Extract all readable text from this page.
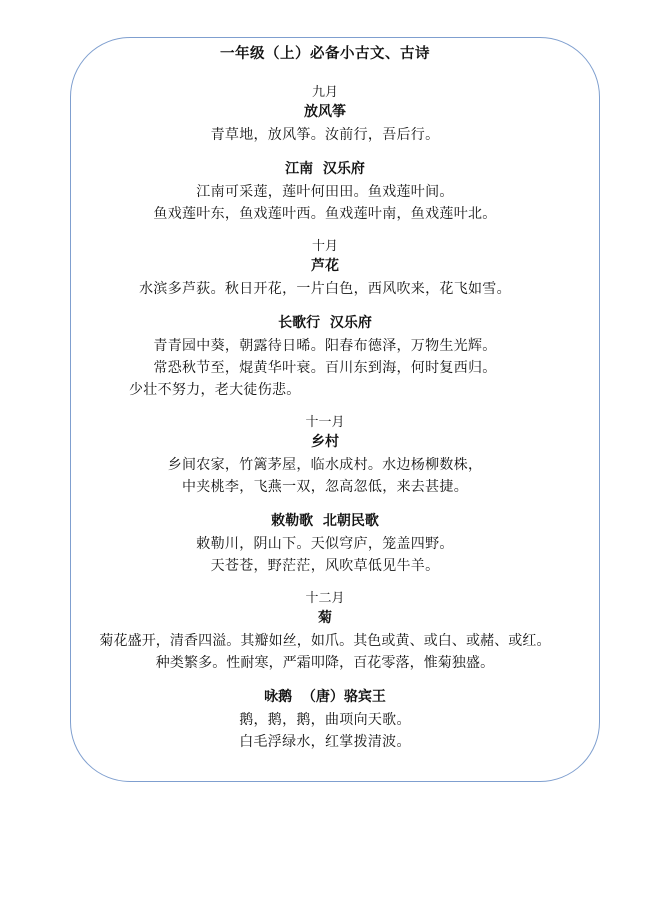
一年级（上）必备小古文、古诗
九月
放风筝
青草地，放风筝。汝前行，吾后行。
江南  汉乐府
江南可采莲，莲叶何田田。鱼戏莲叶间。
鱼戏莲叶东，鱼戏莲叶西。鱼戏莲叶南，鱼戏莲叶北。
十月
芦花
水滨多芦荻。秋日开花，一片白色，西风吹来，花飞如雪。
长歌行  汉乐府
青青园中葵，朝露待日晞。阳春布德泽，万物生光辉。
常恐秋节至，焜黄华叶衰。百川东到海，何时复西归。
少壮不努力，老大徒伤悲。
十一月
乡村
乡间农家，竹篱茅屋，临水成村。水边杨柳数株，
中夹桃李，飞燕一双，忽高忽低，来去甚捷。
敕勒歌  北朝民歌
敕勒川，阴山下。天似穹庐，笼盖四野。
天苍苍，野茫茫，风吹草低见牛羊。
十二月
菊
菊花盛开，清香四溢。其瓣如丝，如爪。其色或黄、或白、或赭、或红。
种类繁多。性耐寒，严霜叩降，百花零落，惟菊独盛。
咏鹅  （唐）骆宾王
鹅，鹅，鹅，曲项向天歌。
白毛浮绿水，红掌拨清波。
